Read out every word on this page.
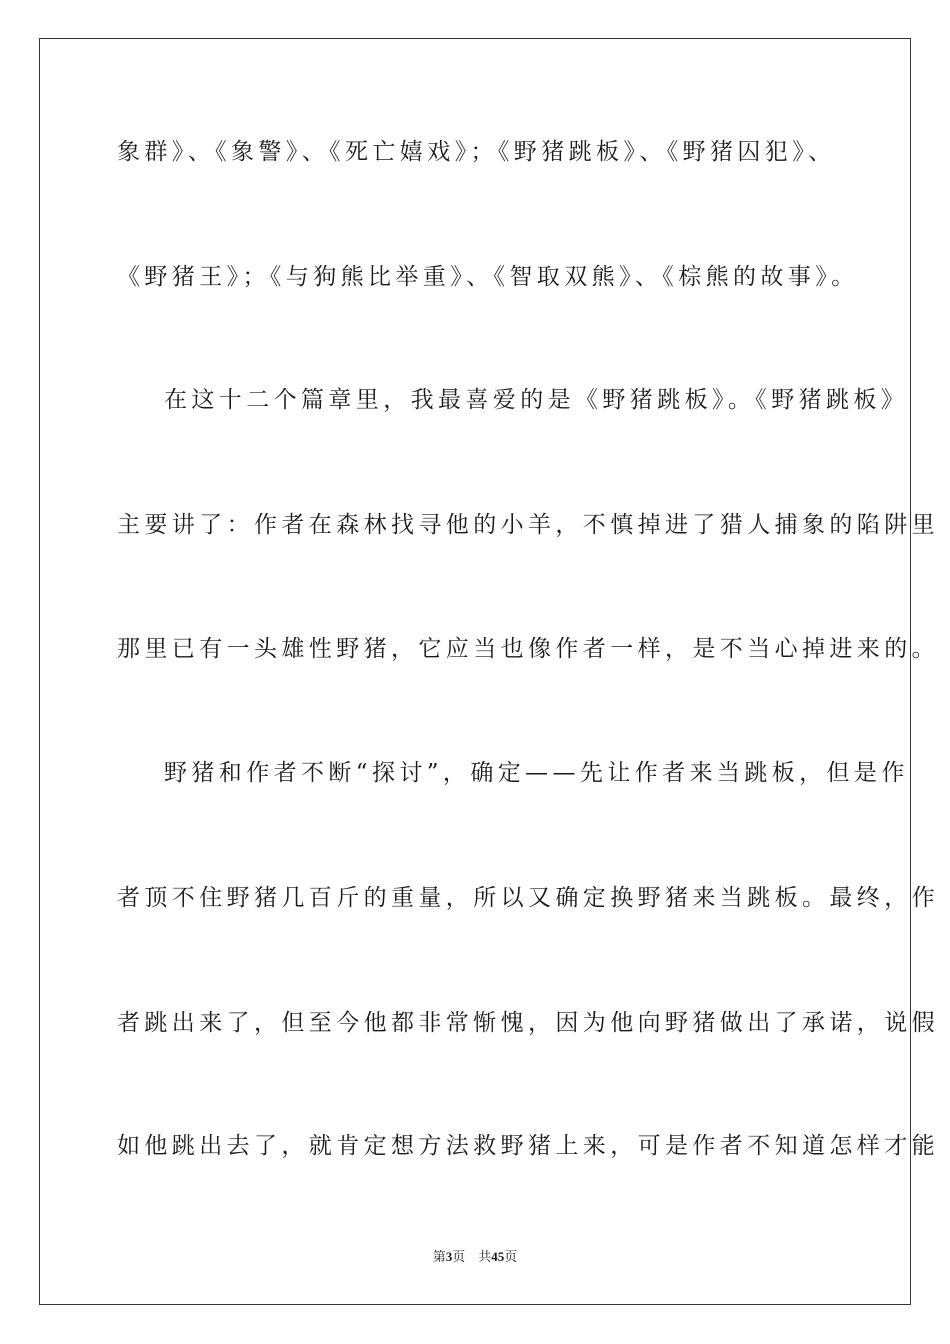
象群》、《象警》、《死亡嬉戏》；《野猪跳板》、《野猪囚犯》、
《野猪王》；《与狗熊比举重》、《智取双熊》、《棕熊的故事》。
在这十二个篇章里，我最喜爱的是《野猪跳板》。《野猪跳板》
主要讲了：作者在森林找寻他的小羊，不慎掉进了猎人捕象的陷阱里
那里已有一头雄性野猪，它应当也像作者一样，是不当心掉进来的。
野猪和作者不断“探讨”，确定——先让作者来当跳板，但是作
者顶不住野猪几百斤的重量，所以又确定换野猪来当跳板。最终，作
者跳出来了，但至今他都非常惭愧，因为他向野猪做出了承诺，说假
如他跳出去了，就肯定想方法救野猪上来，可是作者不知道怎样才能
第3页　共45页
